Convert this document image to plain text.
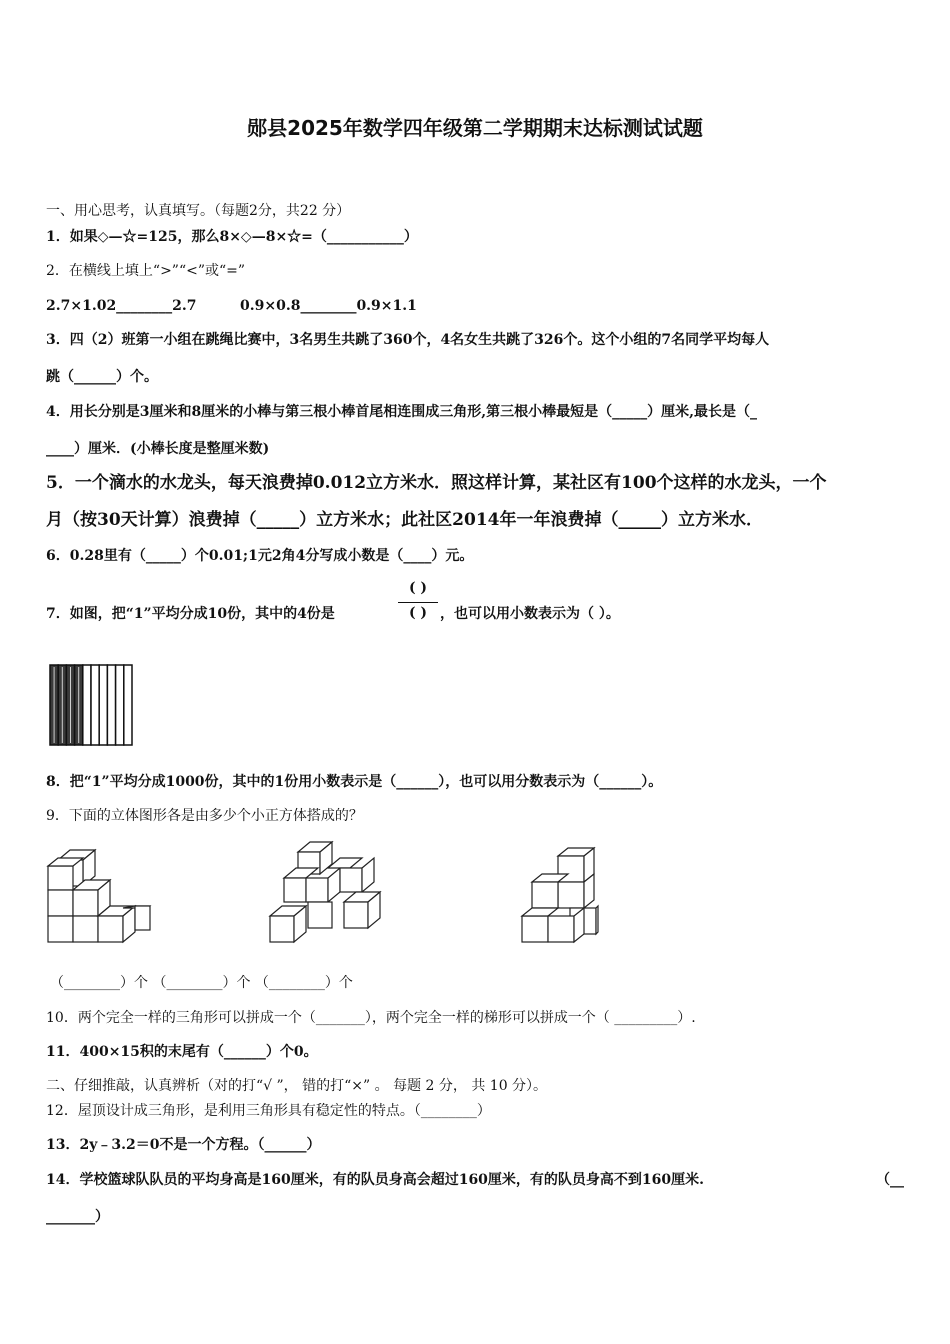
郧县2025年数学四年级第二学期期末达标测试试题
一、用心思考，认真填写。（每题2分，共22 分）
1．如果◇—☆=125，那么8×◇—8×☆=（___________）
2．在横线上填上“>”“<”或“=”
2.7×1.02________2.7	0.9×0.8________0.9×1.1
3．四（2）班第一小组在跳绳比赛中，3名男生共跳了360个，4名女生共跳了326个。这个小组的7名同学平均每人
跳（______）个。
4．用长分别是3厘米和8厘米的小棒与第三根小棒首尾相连围成三角形,第三根小棒最短是（_____）厘米,最长是（_
____）厘米．(小棒长度是整厘米数)
5．一个滴水的水龙头，每天浪费掉0.012立方米水．照这样计算，某社区有100个这样的水龙头，一个
月（按30天计算）浪费掉（_____）立方米水；此社区2014年一年浪费掉（_____）立方米水．
6．0.28里有（_____）个0.01;1元2角4分写成小数是（____）元。
7．如图，把“1”平均分成10份，其中的4份是
( )
( ) ，也可以用小数表示为（ ）。
8．把“1”平均分成1000份，其中的1份用小数表示是（______），也可以用分数表示为（______）。
9．下面的立体图形各是由多少个小正方体搭成的？
（________）个 （________）个 （________）个
10．两个完全一样的三角形可以拼成一个（_______），两个完全一样的梯形可以拼成一个（ _________）.
11．400×15积的末尾有（______）个0。
二、仔细推敲，认真辨析（对的打“√ ”， 错的打“×” 。 每题 2 分， 共 10 分）。
12．屋顶设计成三角形，是利用三角形具有稳定性的特点。（________）
13．2y﹣3.2＝0不是一个方程。（______）
14．学校篮球队队员的平均身高是160厘米，有的队员身高会超过160厘米，有的队员身高不到160厘米.	（__
_______）
